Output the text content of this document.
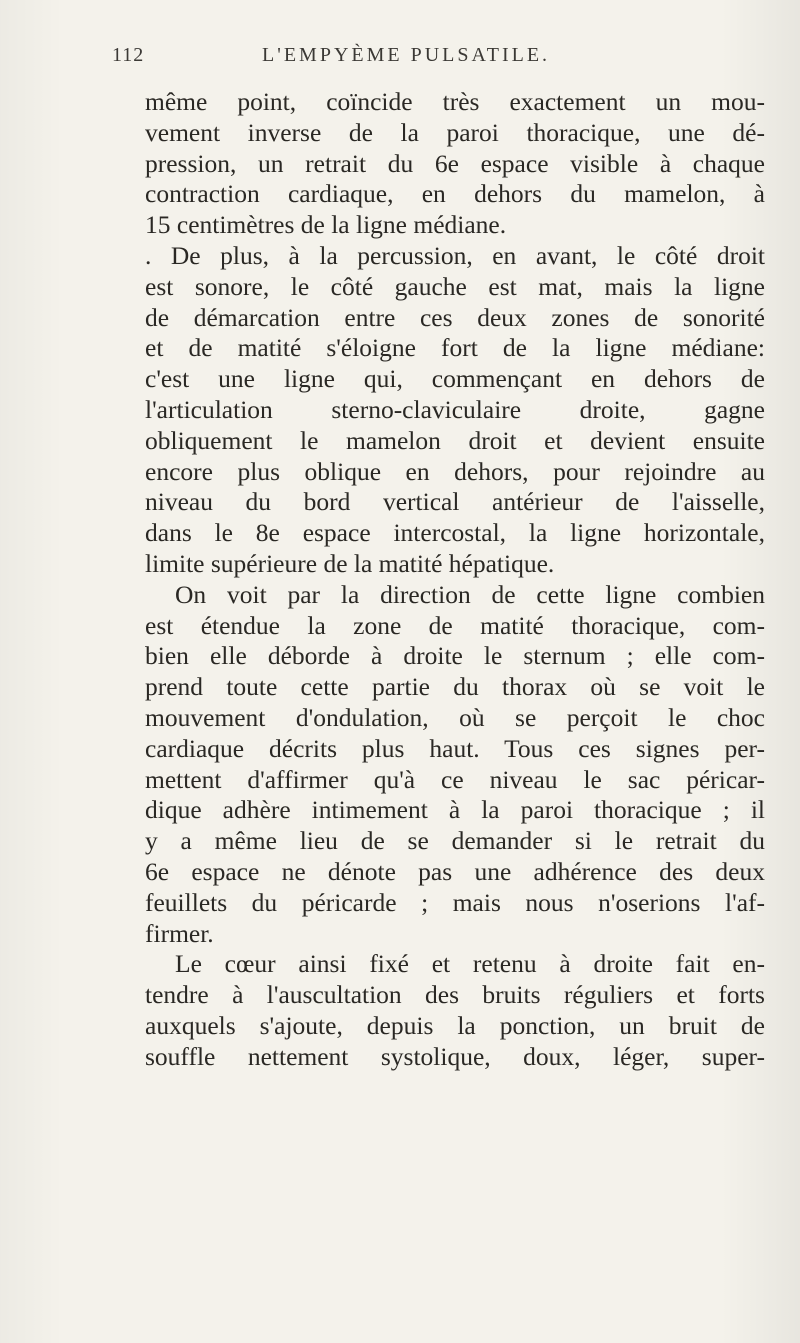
112	L'EMPYÈME PULSATILE.
même point, coïncide très exactement un mou-
vement inverse de la paroi thoracique, une dé-
pression, un retrait du 6e espace visible à chaque
contraction cardiaque, en dehors du mamelon, à
15 centimètres de la ligne médiane.
. De plus, à la percussion, en avant, le côté droit
est sonore, le côté gauche est mat, mais la ligne
de démarcation entre ces deux zones de sonorité
et de matité s'éloigne fort de la ligne médiane:
c'est une ligne qui, commençant en dehors de
l'articulation sterno-claviculaire droite, gagne
obliquement le mamelon droit et devient ensuite
encore plus oblique en dehors, pour rejoindre au
niveau du bord vertical antérieur de l'aisselle,
dans le 8e espace intercostal, la ligne horizontale,
limite supérieure de la matité hépatique.
On voit par la direction de cette ligne combien
est étendue la zone de matité thoracique, com-
bien elle déborde à droite le sternum ; elle com-
prend toute cette partie du thorax où se voit le
mouvement d'ondulation, où se perçoit le choc
cardiaque décrits plus haut. Tous ces signes per-
mettent d'affirmer qu'à ce niveau le sac péricar-
dique adhère intimement à la paroi thoracique ; il
y a même lieu de se demander si le retrait du
6e espace ne dénote pas une adhérence des deux
feuillets du péricarde ; mais nous n'oserions l'af-
firmer.
Le cœur ainsi fixé et retenu à droite fait en-
tendre à l'auscultation des bruits réguliers et forts
auxquels s'ajoute, depuis la ponction, un bruit de
souffle nettement systolique, doux, léger, super-
